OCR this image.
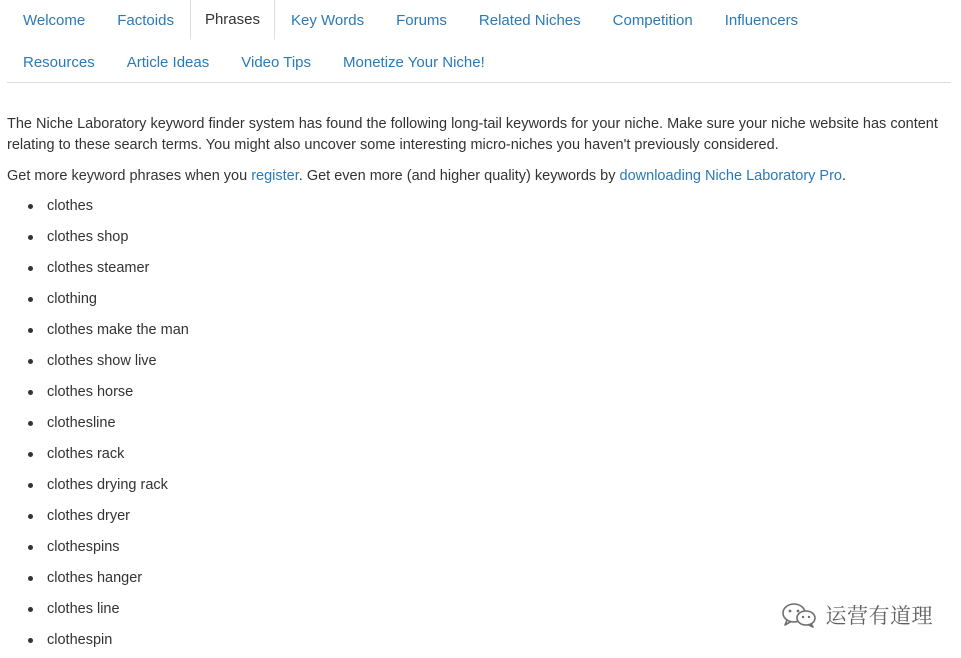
Welcome	Factoids	Phrases	Key Words	Forums	Related Niches	Competition	Influencers
Resources	Article Ideas	Video Tips	Monetize Your Niche!

The Niche Laboratory keyword finder system has found the following long-tail keywords for your niche. Make sure your niche website has content relating to these search terms. You might also uncover some interesting micro-niches you haven't previously considered.

Get more keyword phrases when you register. Get even more (and higher quality) keywords by downloading Niche Laboratory Pro.

clothes
clothes shop
clothes steamer
clothing
clothes make the man
clothes show live
clothes horse
clothesline
clothes rack
clothes drying rack
clothes dryer
clothespins
clothes hanger
clothes line
clothespin
运营有道理
